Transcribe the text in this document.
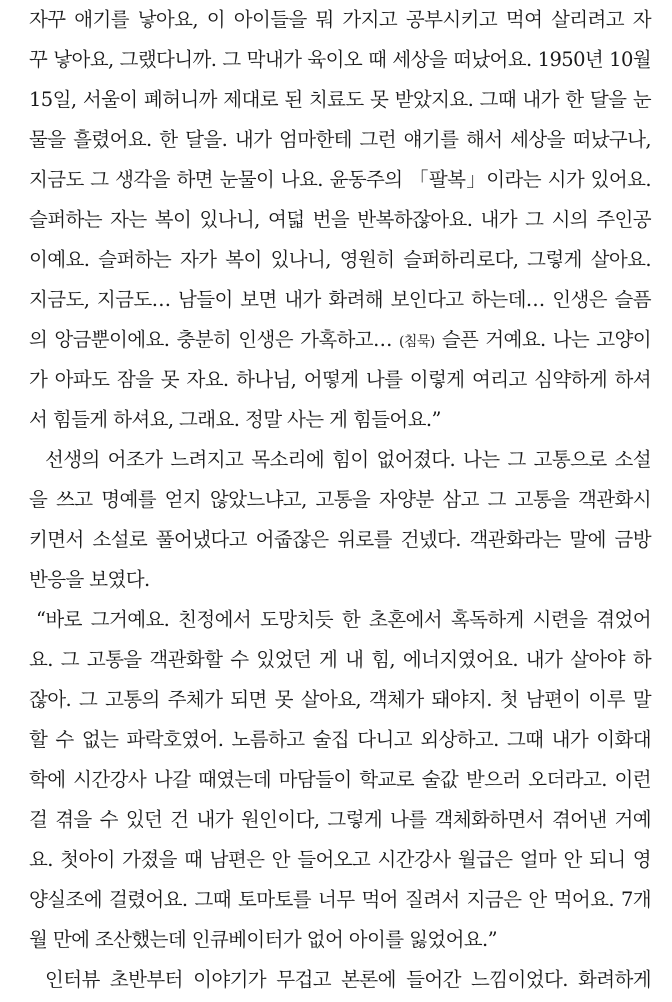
자꾸 애기를 낳아요, 이 아이들을 뭐 가지고 공부시키고 먹여 살리려고 자
꾸 낳아요, 그랬다니까. 그 막내가 육이오 때 세상을 떠났어요. 1950년 10월
15일, 서울이 폐허니까 제대로 된 치료도 못 받았지요. 그때 내가 한 달을 눈
물을 흘렸어요. 한 달을. 내가 엄마한테 그런 얘기를 해서 세상을 떠났구나,
지금도 그 생각을 하면 눈물이 나요. 윤동주의 「팔복」이라는 시가 있어요.
슬퍼하는 자는 복이 있나니, 여덟 번을 반복하잖아요. 내가 그 시의 주인공
이예요. 슬퍼하는 자가 복이 있나니, 영원히 슬퍼하리로다, 그렇게 살아요.
지금도, 지금도… 남들이 보면 내가 화려해 보인다고 하는데… 인생은 슬픔
의 앙금뿐이에요. 충분히 인생은 가혹하고… (침묵) 슬픈 거예요. 나는 고양이
가 아파도 잠을 못 자요. 하나님, 어떻게 나를 이렇게 여리고 심약하게 하셔
서 힘들게 하셔요, 그래요. 정말 사는 게 힘들어요.”
선생의 어조가 느려지고 목소리에 힘이 없어졌다. 나는 그 고통으로 소설
을 쓰고 명예를 얻지 않았느냐고, 고통을 자양분 삼고 그 고통을 객관화시
키면서 소설로 풀어냈다고 어줍잖은 위로를 건넸다. 객관화라는 말에 금방
반응을 보였다.
“바로 그거예요. 친정에서 도망치듯 한 초혼에서 혹독하게 시련을 겪었어
요. 그 고통을 객관화할 수 있었던 게 내 힘, 에너지였어요. 내가 살아야 하
잖아. 그 고통의 주체가 되면 못 살아요, 객체가 돼야지. 첫 남편이 이루 말
할 수 없는 파락호였어. 노름하고 술집 다니고 외상하고. 그때 내가 이화대
학에 시간강사 나갈 때였는데 마담들이 학교로 술값 받으러 오더라고. 이런
걸 겪을 수 있던 건 내가 원인이다, 그렇게 나를 객체화하면서 겪어낸 거예
요. 첫아이 가졌을 때 남편은 안 들어오고 시간강사 월급은 얼마 안 되니 영
양실조에 걸렸어요. 그때 토마토를 너무 먹어 질려서 지금은 안 먹어요. 7개
월 만에 조산했는데 인큐베이터가 없어 아이를 잃었어요.”
인터뷰 초반부터 이야기가 무겁고 본론에 들어간 느낌이었다. 화려하게
